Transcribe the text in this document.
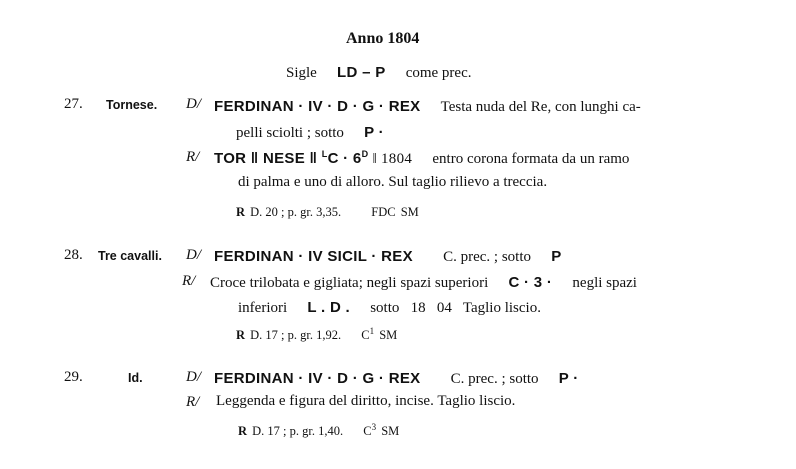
Anno 1804
Sigle LD – P come prec.
27. Tornese. D/ FERDINAN · IV · D · G · REX Testa nuda del Re, con lunghi ca-
pelli sciolti ; sotto P ·
R/ TOR ‖ NESE ‖ $^LC \cdot 6^D$ ‖ 1804 entro corona formata da un ramo
di palma e uno di alloro. Sul taglio rilievo a treccia.
R D. 20 ; p. gr. 3,35. FDC SM
28. Tre cavalli. D/ FERDINAN · IV SICIL · REX C. prec. ; sotto P
R/ Croce trilobata e gigliata; negli spazi superiori C · 3 · negli spazi
inferiori L . D . sotto   18   04   Taglio liscio.
R D. 17 ; p. gr. 1,92. $C^1$ SM
29.	Id.	D/ FERDINAN · IV · D · G · REX C. prec. ; sotto P ·
R/ Leggenda e figura del diritto, incise. Taglio liscio.
R D. 17 ; p. gr. 1,40. $C^3$ SM
